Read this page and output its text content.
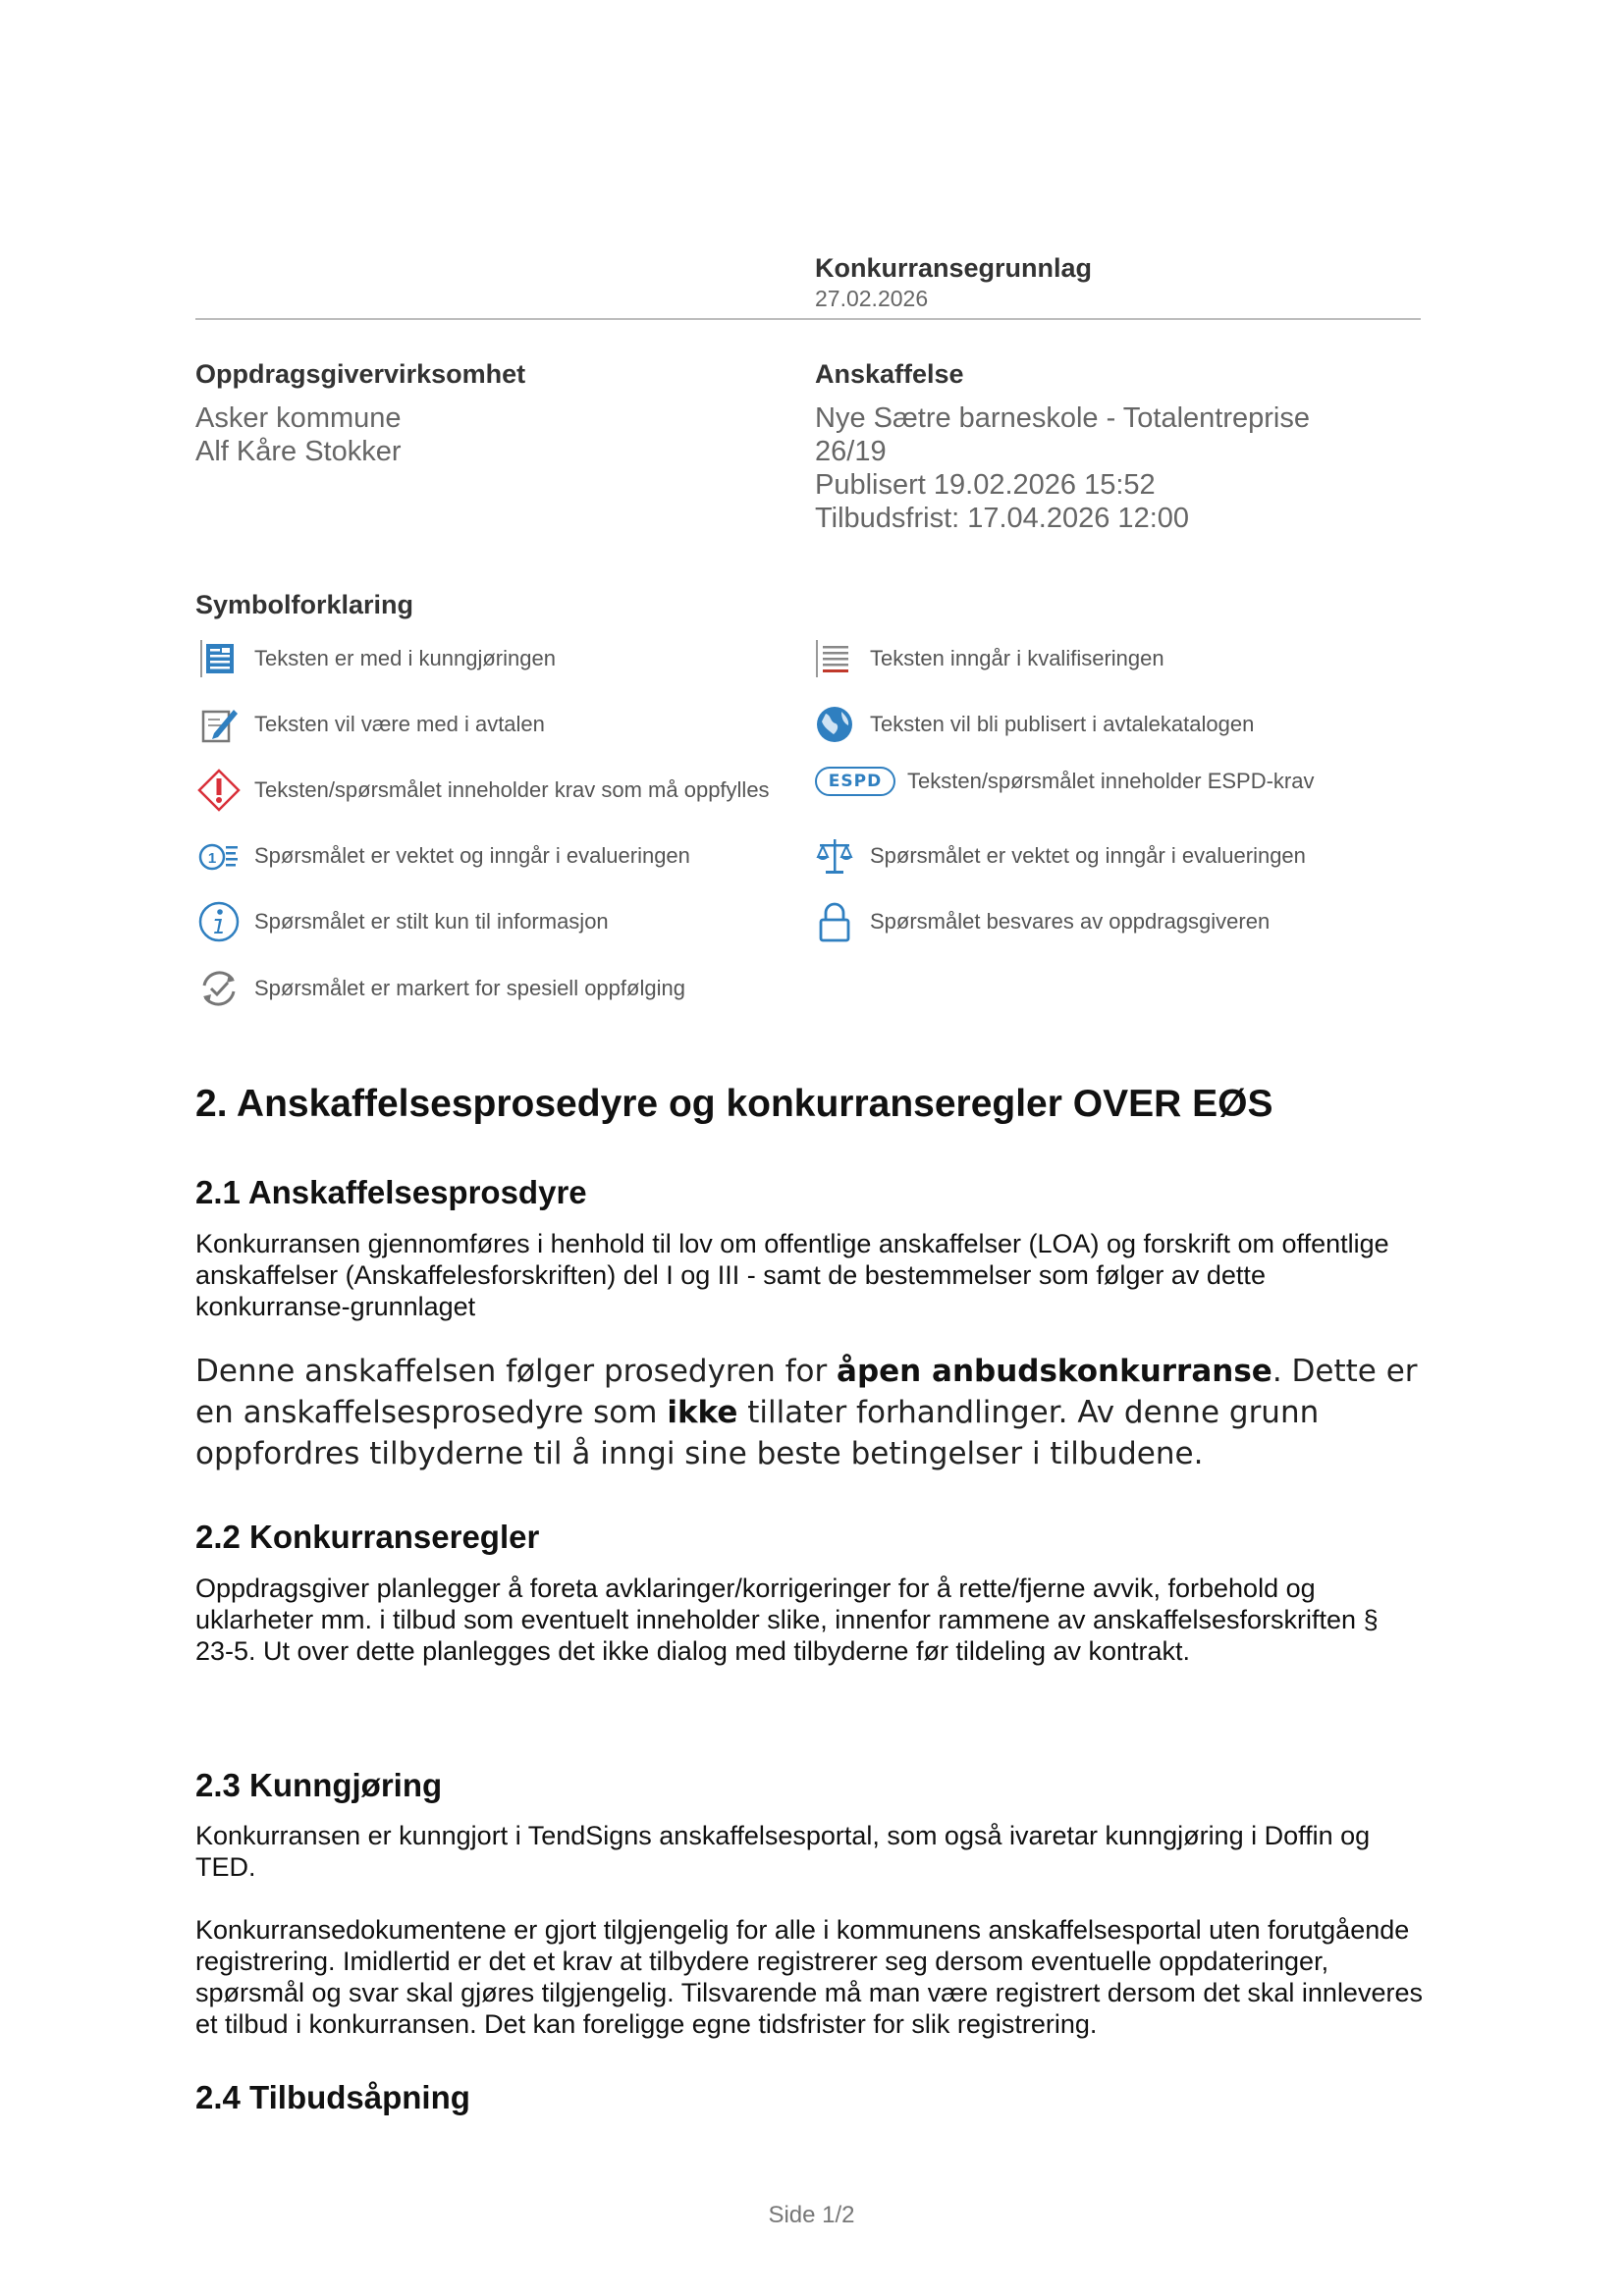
Konkurransegrunnlag
27.02.2026
Oppdragsgivervirksomhet
Asker kommune
Alf Kåre Stokker
Anskaffelse
Nye Sætre barneskole - Totalentreprise
26/19
Publisert 19.02.2026 15:52
Tilbudsfrist: 17.04.2026 12:00
Symbolforklaring
Teksten er med i kunngjøringen	Teksten inngår i kvalifiseringen
Teksten vil være med i avtalen	Teksten vil bli publisert i avtalekatalogen
Teksten/spørsmålet inneholder krav som må oppfylles	ESPD Teksten/spørsmålet inneholder ESPD-krav
1 Spørsmålet er vektet og inngår i evalueringen	Spørsmålet er vektet og inngår i evalueringen
Spørsmålet er stilt kun til informasjon	Spørsmålet besvares av oppdragsgiveren
Spørsmålet er markert for spesiell oppfølging
2. Anskaffelsesprosedyre og konkurranseregler OVER EØS
2.1 Anskaffelsesprosdyre
Konkurransen gjennomføres i henhold til lov om offentlige anskaffelser (LOA) og forskrift om offentlige anskaffelser (Anskaffelesforskriften) del I og III - samt de bestemmelser som følger av dette konkurranse-grunnlaget
Denne anskaffelsen følger prosedyren for åpen anbudskonkurranse. Dette er en anskaffelsesprosedyre som ikke tillater forhandlinger. Av denne grunn oppfordres tilbyderne til å inngi sine beste betingelser i tilbudene.
2.2 Konkurranseregler
Oppdragsgiver planlegger å foreta avklaringer/korrigeringer for å rette/fjerne avvik, forbehold og uklarheter mm. i tilbud som eventuelt inneholder slike, innenfor rammene av anskaffelsesforskriften § 23-5. Ut over dette planlegges det ikke dialog med tilbyderne før tildeling av kontrakt.
2.3 Kunngjøring
Konkurransen er kunngjort i TendSigns anskaffelsesportal, som også ivaretar kunngjøring i Doffin og TED.
Konkurransedokumentene er gjort tilgjengelig for alle i kommunens anskaffelsesportal uten forutgående registrering. Imidlertid er det et krav at tilbydere registrerer seg dersom eventuelle oppdateringer, spørsmål og svar skal gjøres tilgjengelig. Tilsvarende må man være registrert dersom det skal innleveres et tilbud i konkurransen. Det kan foreligge egne tidsfrister for slik registrering.
2.4 Tilbudsåpning
Side 1/2
